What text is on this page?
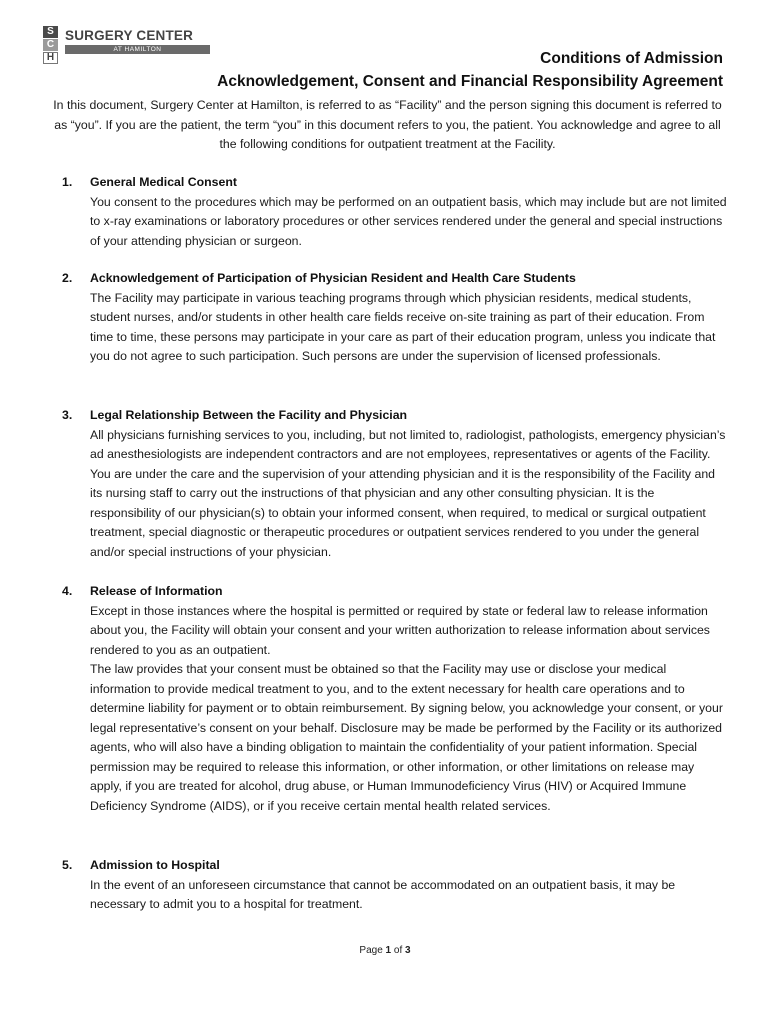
S
C
H
SURGERY CENTER
AT HAMILTON
Conditions of Admission
Acknowledgement, Consent and Financial Responsibility Agreement
In this document, Surgery Center at Hamilton, is referred to as “Facility” and the person signing this document is referred to as “you”. If you are the patient, the term “you” in this document refers to you, the patient. You acknowledge and agree to all the following conditions for outpatient treatment at the Facility.
1.	General Medical Consent
You consent to the procedures which may be performed on an outpatient basis, which may include but are not limited to x-ray examinations or laboratory procedures or other services rendered under the general and special instructions of your attending physician or surgeon.
2.	Acknowledgement of Participation of Physician Resident and Health Care Students
The Facility may participate in various teaching programs through which physician residents, medical students, student nurses, and/or students in other health care fields receive on-site training as part of their education. From time to time, these persons may participate in your care as part of their education program, unless you indicate that you do not agree to such participation. Such persons are under the supervision of licensed professionals.
3.	Legal Relationship Between the Facility and Physician
All physicians furnishing services to you, including, but not limited to, radiologist, pathologists, emergency physician’s ad anesthesiologists are independent contractors and are not employees, representatives or agents of the Facility. You are under the care and the supervision of your attending physician and it is the responsibility of the Facility and its nursing staff to carry out the instructions of that physician and any other consulting physician. It is the responsibility of our physician(s) to obtain your informed consent, when required, to medical or surgical outpatient treatment, special diagnostic or therapeutic procedures or outpatient services rendered to you under the general and/or special instructions of your physician.
4.	Release of Information
Except in those instances where the hospital is permitted or required by state or federal law to release information about you, the Facility will obtain your consent and your written authorization to release information about services rendered to you as an outpatient.
The law provides that your consent must be obtained so that the Facility may use or disclose your medical information to provide medical treatment to you, and to the extent necessary for health care operations and to determine liability for payment or to obtain reimbursement. By signing below, you acknowledge your consent, or your legal representative’s consent on your behalf. Disclosure may be made be performed by the Facility or its authorized agents, who will also have a binding obligation to maintain the confidentiality of your patient information. Special permission may be required to release this information, or other information, or other limitations on release may apply, if you are treated for alcohol, drug abuse, or Human Immunodeficiency Virus (HIV) or Acquired Immune Deficiency Syndrome (AIDS), or if you receive certain mental health related services.
5.	Admission to Hospital
In the event of an unforeseen circumstance that cannot be accommodated on an outpatient basis, it may be necessary to admit you to a hospital for treatment.
Page 1 of 3
